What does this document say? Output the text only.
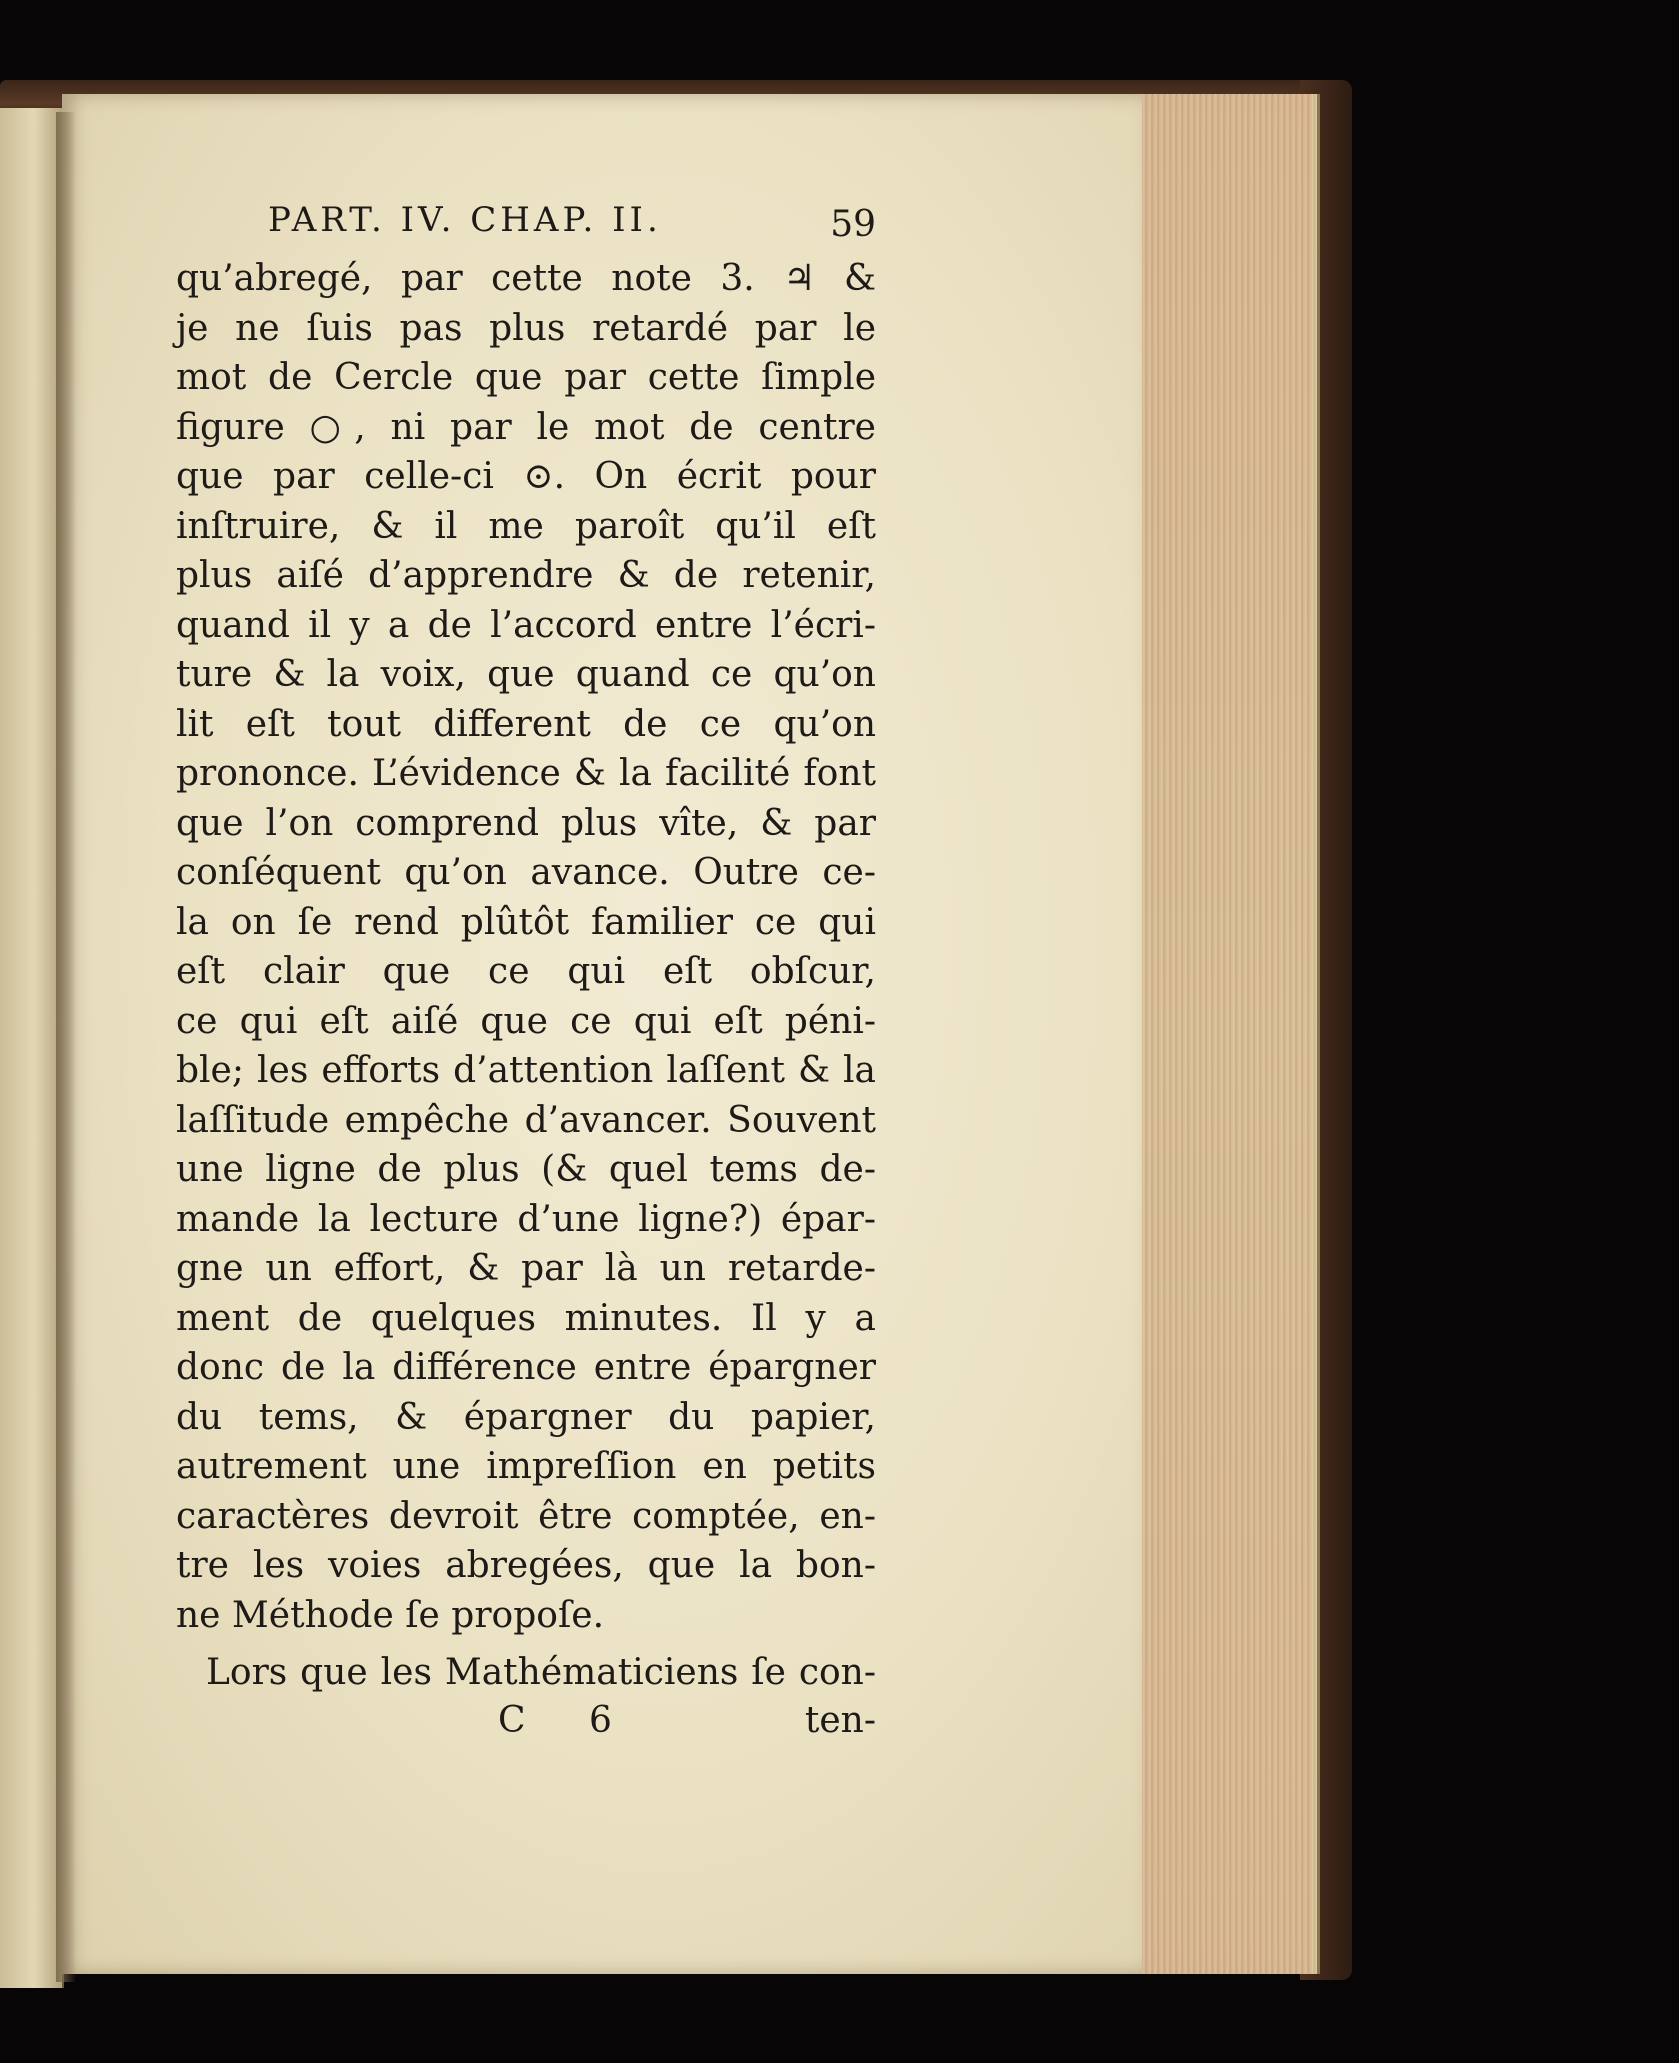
PART. IV. CHAP. II.	59
qu’abregé, par cette note 3. ♃ &
je ne ſuis pas plus retardé par le
mot de Cercle que par cette ſimple
figure ○, ni par le mot de centre
que par celle-ci ⊙. On écrit pour
inſtruire, & il me paroît qu’il eſt
plus aiſé d’apprendre & de retenir,
quand il y a de l’accord entre l’écri-
ture & la voix, que quand ce qu’on
lit eſt tout different de ce qu’on
prononce. L’évidence & la facilité font
que l’on comprend plus vîte, & par
conſéquent qu’on avance. Outre ce-
la on ſe rend plûtôt familier ce qui
eſt clair que ce qui eſt obſcur,
ce qui eſt aiſé que ce qui eſt péni-
ble; les efforts d’attention laſſent & la
laſſitude empêche d’avancer. Souvent
une ligne de plus (& quel tems de-
mande la lecture d’une ligne?) épar-
gne un effort, & par là un retarde-
ment de quelques minutes. Il y a
donc de la différence entre épargner
du tems, & épargner du papier,
autrement une impreſſion en petits
caractères devroit être comptée, en-
tre les voies abregées, que la bon-
ne Méthode ſe propoſe.
Lors que les Mathématiciens ſe con-
C 6	ten-
